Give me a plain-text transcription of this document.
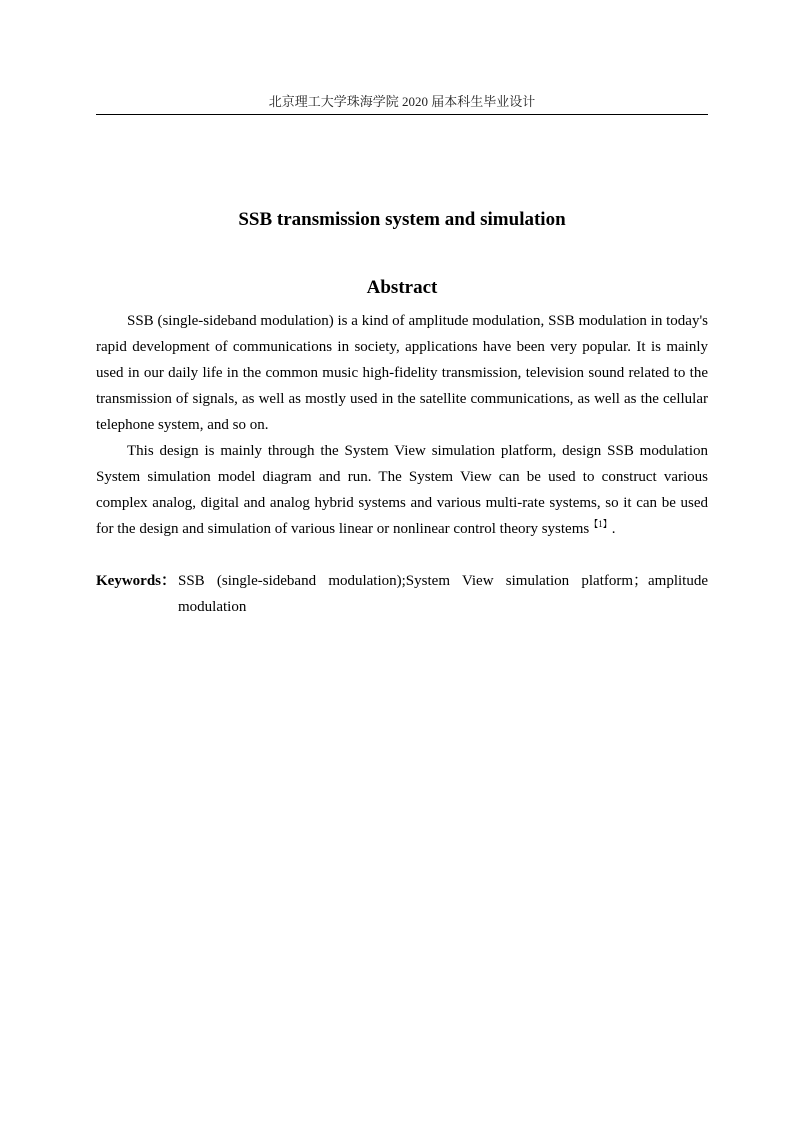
北京理工大学珠海学院 2020 届本科生毕业设计
SSB transmission system and simulation
Abstract

SSB (single-sideband modulation) is a kind of amplitude modulation, SSB modulation in today's rapid development of communications in society, applications have been very popular. It is mainly used in our daily life in the common music high-fidelity transmission, television sound related to the transmission of signals, as well as mostly used in the satellite communications, as well as the cellular telephone system, and so on.

This design is mainly through the System View simulation platform, design SSB modulation System simulation model diagram and run. The System View can be used to construct various complex analog, digital and analog hybrid systems and various multi-rate systems, so it can be used for the design and simulation of various linear or nonlinear control theory systems$^{【1】}$.

Keywords： SSB (single-sideband modulation);System View simulation platform；amplitude modulation
